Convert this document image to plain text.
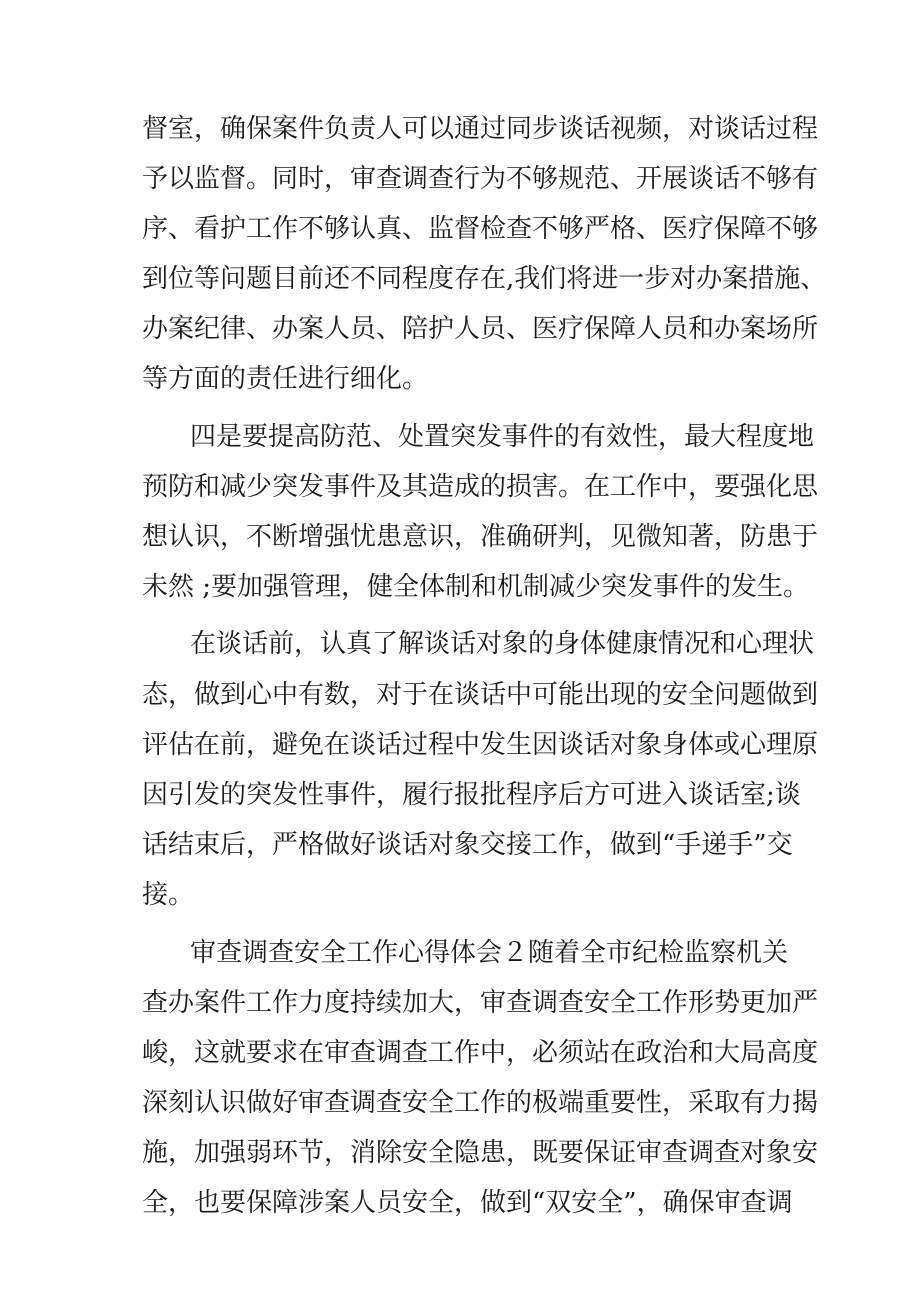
督室，确保案件负责人可以通过同步谈话视频，对谈话过程
予以监督。同时，审查调查行为不够规范、开展谈话不够有
序、看护工作不够认真、监督检查不够严格、医疗保障不够
到位等问题目前还不同程度存在,我们将进一步对办案措施、
办案纪律、办案人员、陪护人员、医疗保障人员和办案场所
等方面的责任进行细化。
四是要提高防范、处置突发事件的有效性，最大程度地
预防和减少突发事件及其造成的损害。在工作中，要强化思
想认识，不断增强忧患意识，准确研判，见微知著，防患于
未然 ;要加强管理，健全体制和机制减少突发事件的发生。
在谈话前，认真了解谈话对象的身体健康情况和心理状
态，做到心中有数，对于在谈话中可能出现的安全问题做到
评估在前，避免在谈话过程中发生因谈话对象身体或心理原
因引发的突发性事件，履行报批程序后方可进入谈话室;谈
话结束后，严格做好谈话对象交接工作，做到“手递手”交
接。
审查调查安全工作心得体会２随着全市纪检监察机关
查办案件工作力度持续加大，审查调查安全工作形势更加严
峻，这就要求在审查调查工作中，必须站在政治和大局高度
深刻认识做好审查调查安全工作的极端重要性，采取有力揭
施，加强弱环节，消除安全隐患，既要保证审查调查对象安
全，也要保障涉案人员安全，做到“双安全”，确保审查调
